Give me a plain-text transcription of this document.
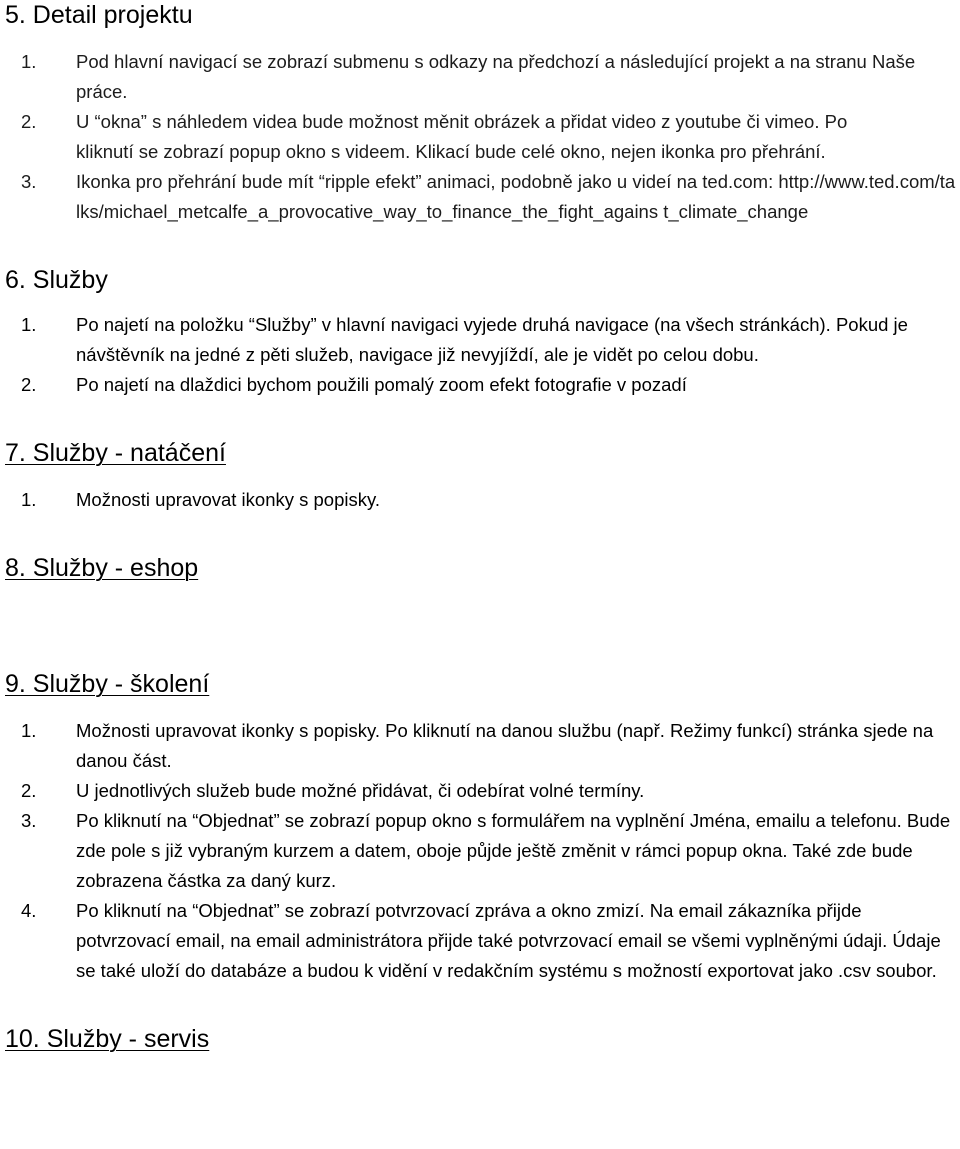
5. Detail projektu
1. Pod hlavní navigací se zobrazí submenu s odkazy na předchozí a následující projekt a na stranu Naše práce.
2. U “okna” s náhledem videa bude možnost měnit obrázek a přidat video z youtube či vimeo. Po kliknutí se zobrazí popup okno s videem. Klikací bude celé okno, nejen ikonka pro přehrání.
3. Ikonka pro přehrání bude mít “ripple efekt” animaci, podobně jako u videí na ted.com: http://www.ted.com/talks/michael_metcalfe_a_provocative_way_to_finance_the_fight_agains t_climate_change
6. Služby
1. Po najetí na položku “Služby” v hlavní navigaci vyjede druhá navigace (na všech stránkách). Pokud je návštěvník na jedné z pěti služeb, navigace již nevyjíždí, ale je vidět po celou dobu.
2. Po najetí na dlaždici bychom použili pomalý zoom efekt fotografie v pozadí
7. Služby - natáčení
1. Možnosti upravovat ikonky s popisky.
8. Služby - eshop
9. Služby - školení
1. Možnosti upravovat ikonky s popisky. Po kliknutí na danou službu (např. Režimy funkcí) stránka sjede na danou část.
2. U jednotlivých služeb bude možné přidávat, či odebírat volné termíny.
3. Po kliknutí na “Objednat” se zobrazí popup okno s formulářem na vyplnění Jména, emailu a telefonu. Bude zde pole s již vybraným kurzem a datem, oboje půjde ještě změnit v rámci popup okna. Také zde bude zobrazena částka za daný kurz.
4. Po kliknutí na “Objednat” se zobrazí potvrzovací zpráva a okno zmizí. Na email zákazníka přijde potvrzovací email, na email administrátora přijde také potvrzovací email se všemi vyplněnými údaji. Údaje se také uloží do databáze a budou k vidění v redakčním systému s možností exportovat jako .csv soubor.
10. Služby - servis
